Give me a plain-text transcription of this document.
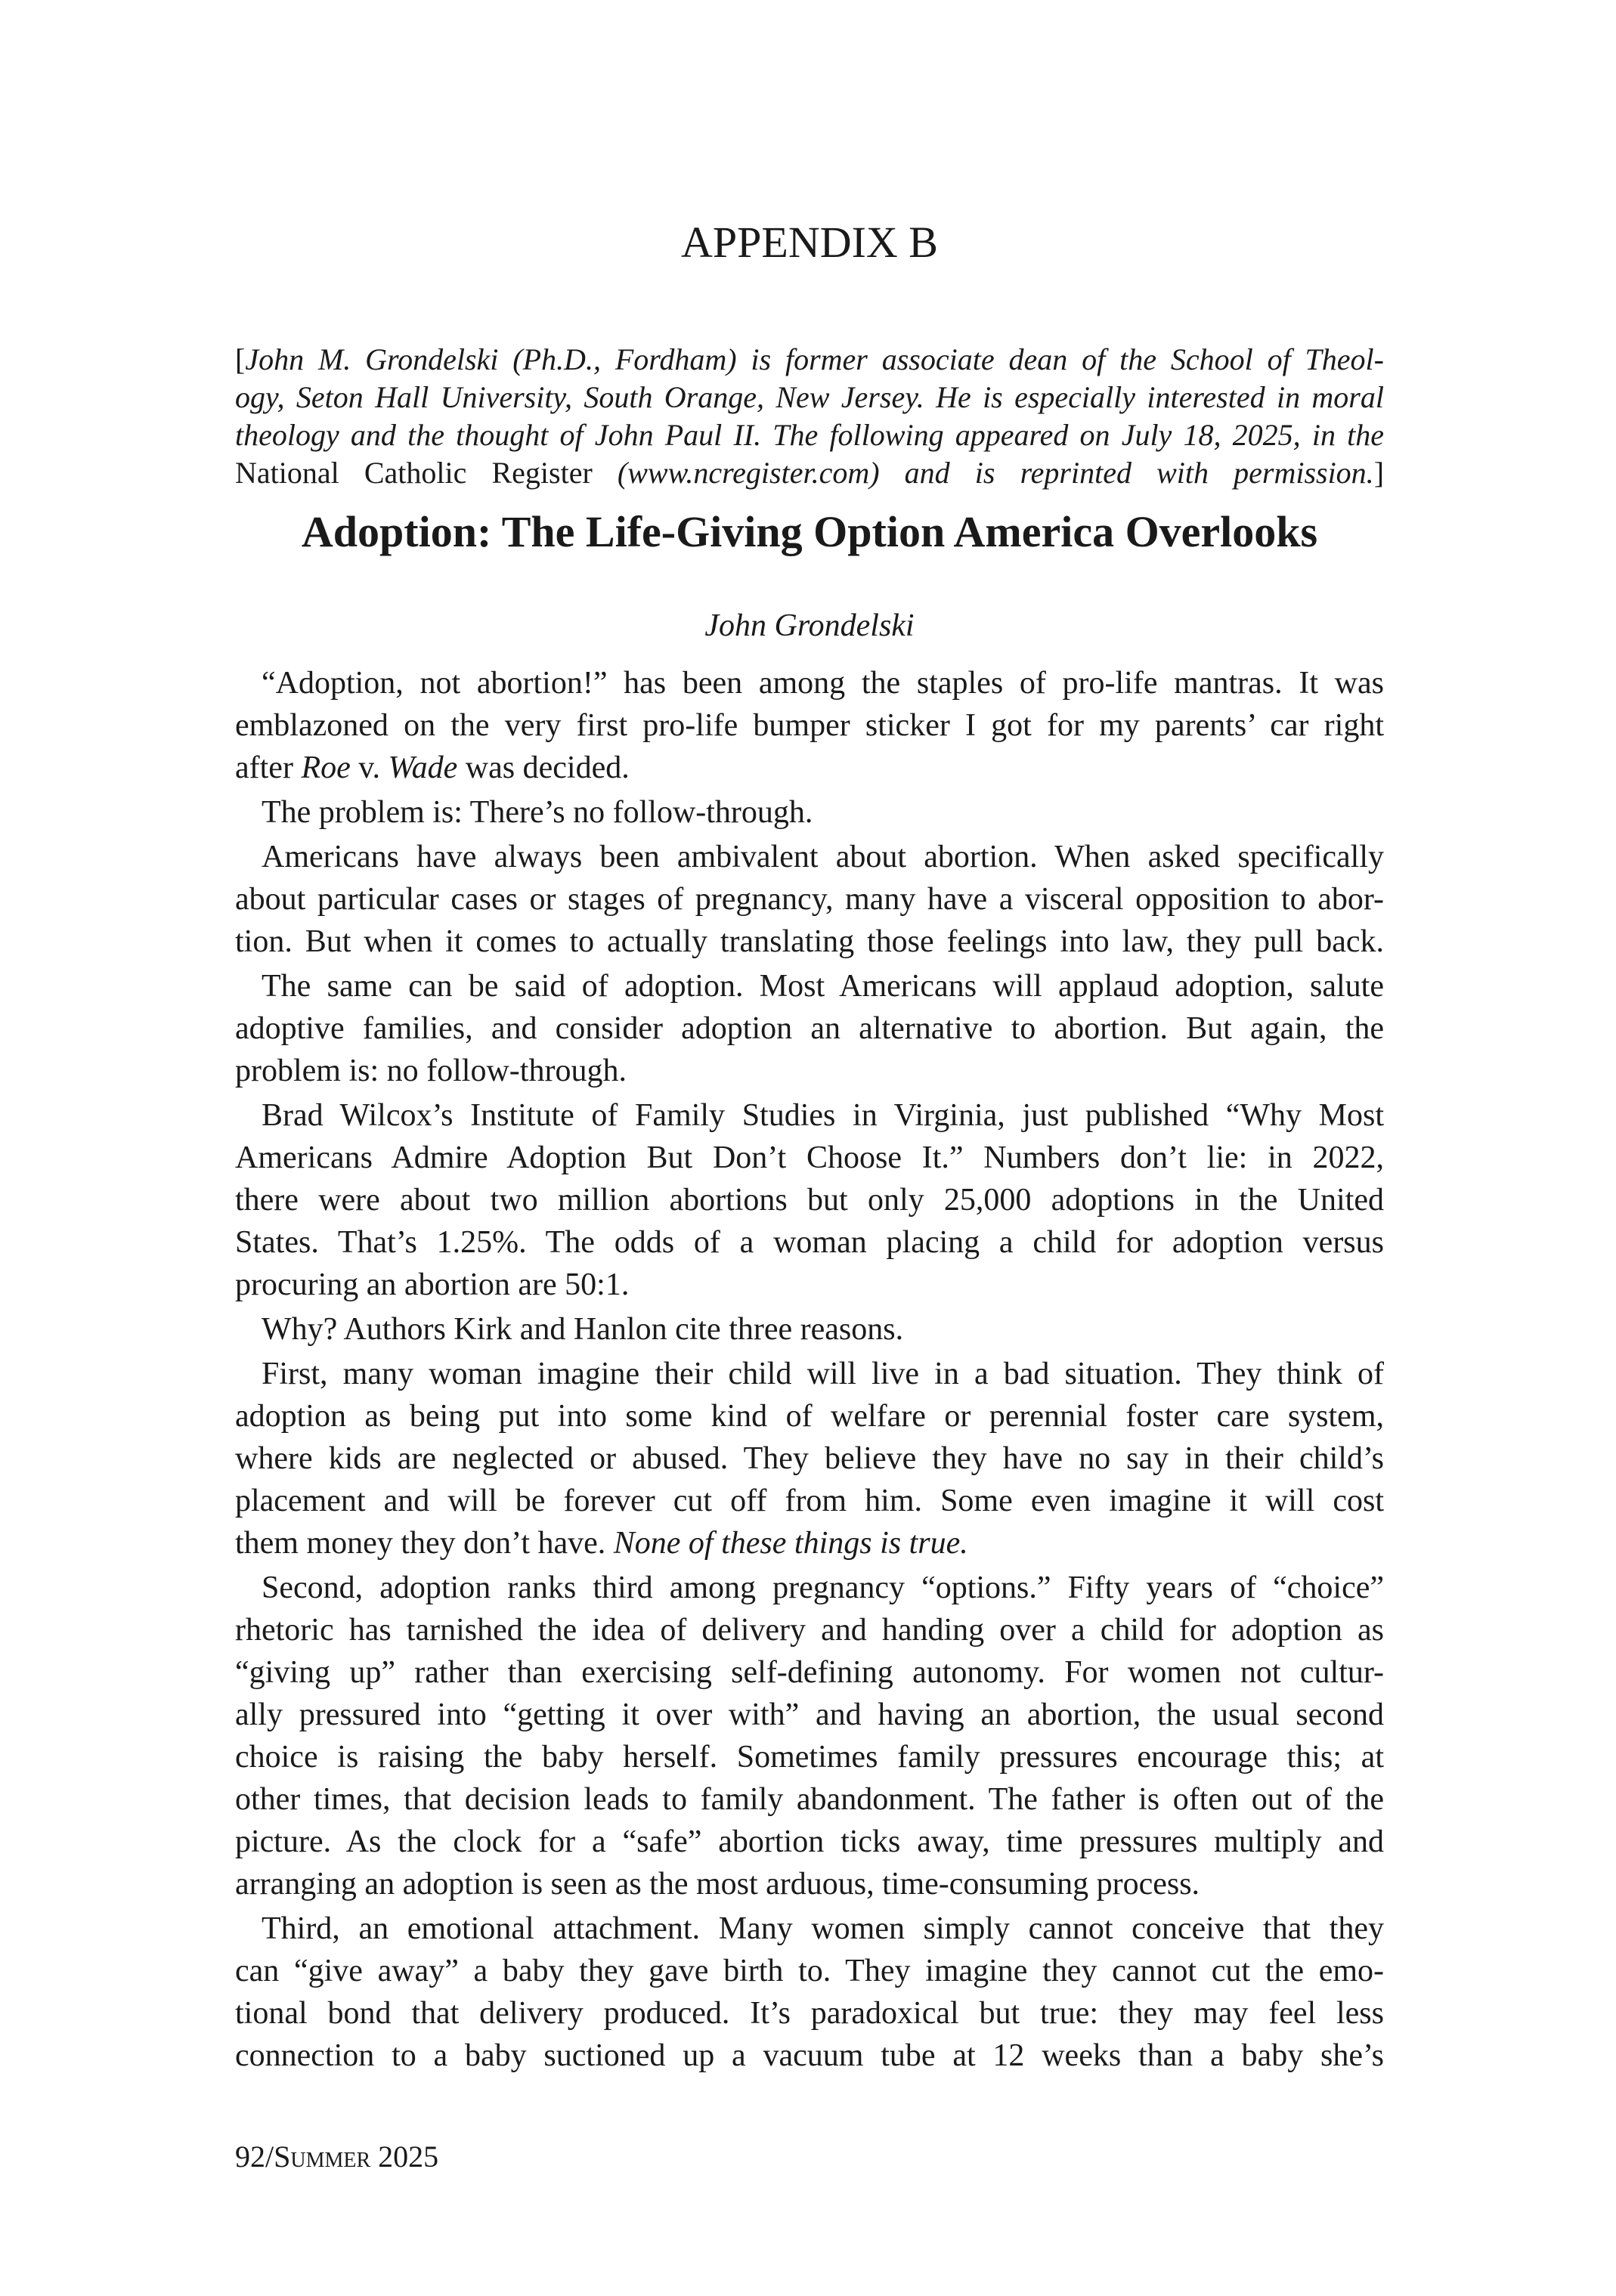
APPENDIX B
[John M. Grondelski (Ph.D., Fordham) is former associate dean of the School of Theol-
ogy, Seton Hall University, South Orange, New Jersey. He is especially interested in moral
theology and the thought of John Paul II. The following appeared on July 18, 2025, in the
National Catholic Register (www.ncregister.com) and is reprinted with permission.]
Adoption: The Life-Giving Option America Overlooks
John Grondelski
“Adoption, not abortion!” has been among the staples of pro-life mantras. It was
emblazoned on the very first pro-life bumper sticker I got for my parents’ car right
after Roe v. Wade was decided.
The problem is: There’s no follow-through.
Americans have always been ambivalent about abortion. When asked specifically
about particular cases or stages of pregnancy, many have a visceral opposition to abor-
tion. But when it comes to actually translating those feelings into law, they pull back.
The same can be said of adoption. Most Americans will applaud adoption, salute
adoptive families, and consider adoption an alternative to abortion. But again, the
problem is: no follow-through.
Brad Wilcox’s Institute of Family Studies in Virginia, just published “Why Most
Americans Admire Adoption But Don’t Choose It.” Numbers don’t lie: in 2022,
there were about two million abortions but only 25,000 adoptions in the United
States. That’s 1.25%. The odds of a woman placing a child for adoption versus
procuring an abortion are 50:1.
Why? Authors Kirk and Hanlon cite three reasons.
First, many woman imagine their child will live in a bad situation. They think of
adoption as being put into some kind of welfare or perennial foster care system,
where kids are neglected or abused. They believe they have no say in their child’s
placement and will be forever cut off from him. Some even imagine it will cost
them money they don’t have. None of these things is true.
Second, adoption ranks third among pregnancy “options.” Fifty years of “choice”
rhetoric has tarnished the idea of delivery and handing over a child for adoption as
“giving up” rather than exercising self-defining autonomy. For women not cultur-
ally pressured into “getting it over with” and having an abortion, the usual second
choice is raising the baby herself. Sometimes family pressures encourage this; at
other times, that decision leads to family abandonment. The father is often out of the
picture. As the clock for a “safe” abortion ticks away, time pressures multiply and
arranging an adoption is seen as the most arduous, time-consuming process.
Third, an emotional attachment. Many women simply cannot conceive that they
can “give away” a baby they gave birth to. They imagine they cannot cut the emo-
tional bond that delivery produced. It’s paradoxical but true: they may feel less
connection to a baby suctioned up a vacuum tube at 12 weeks than a baby she’s
92/Summer 2025
